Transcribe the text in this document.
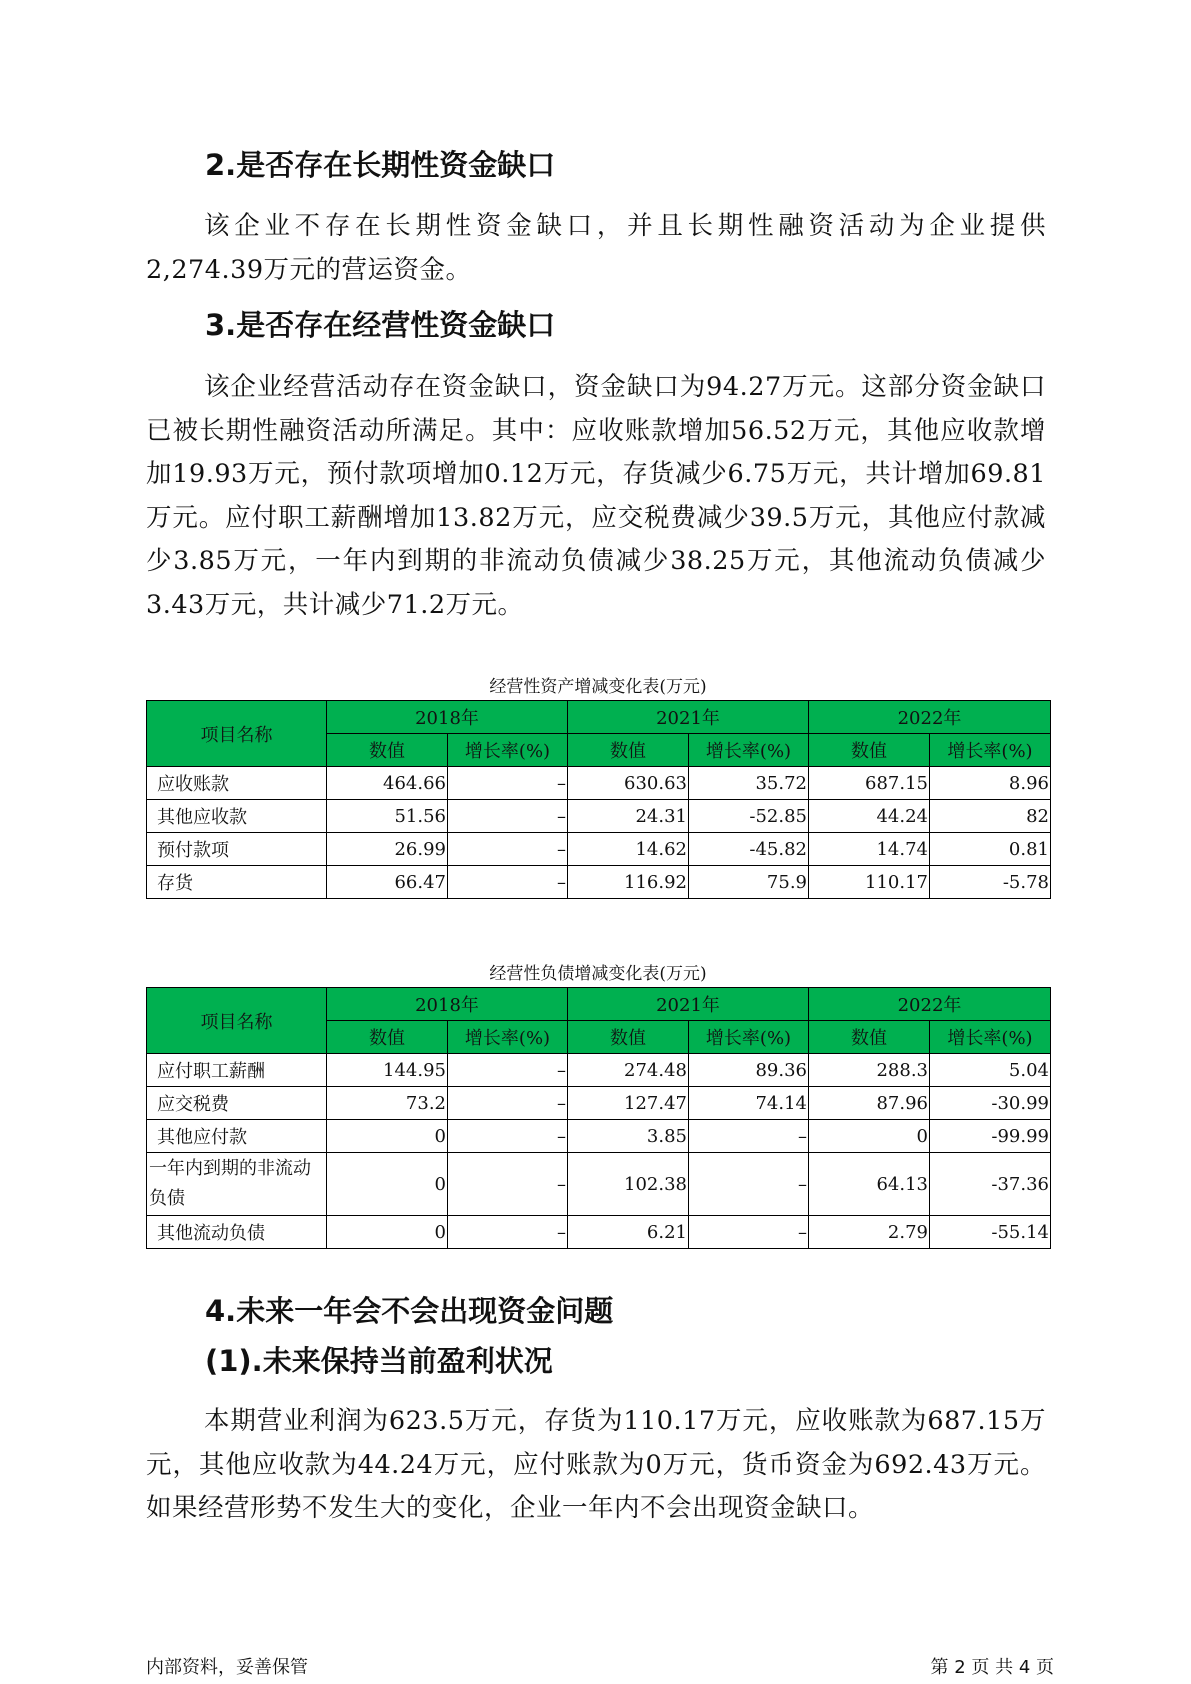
2.是否存在长期性资金缺口

该企业不存在长期性资金缺口，并且长期性融资活动为企业提供2,274.39万元的营运资金。

3.是否存在经营性资金缺口

该企业经营活动存在资金缺口，资金缺口为94.27万元。这部分资金缺口已被长期性融资活动所满足。其中：应收账款增加56.52万元，其他应收款增加19.93万元，预付款项增加0.12万元，存货减少6.75万元，共计增加69.81万元。应付职工薪酬增加13.82万元，应交税费减少39.5万元，其他应付款减少3.85万元，一年内到期的非流动负债减少38.25万元，其他流动负债减少3.43万元，共计减少71.2万元。

经营性资产增减变化表(万元)

项目名称	2018年		2021年		2022年	
	数值	增长率(%)	数值	增长率(%)	数值	增长率(%)
应收账款	464.66	–	630.63	35.72	687.15	8.96
其他应收款	51.56	–	24.31	-52.85	44.24	82
预付款项	26.99	–	14.62	-45.82	14.74	0.81
存货	66.47	–	116.92	75.9	110.17	-5.78

经营性负债增减变化表(万元)

项目名称	2018年		2021年		2022年	
	数值	增长率(%)	数值	增长率(%)	数值	增长率(%)
应付职工薪酬	144.95	–	274.48	89.36	288.3	5.04
应交税费	73.2	–	127.47	74.14	87.96	-30.99
其他应付款	0	–	3.85	–	0	-99.99
一年内到期的非流动负债	0	–	102.38	–	64.13	-37.36
其他流动负债	0	–	6.21	–	2.79	-55.14
4.未来一年会不会出现资金问题
(1).未来保持当前盈利状况

本期营业利润为623.5万元，存货为110.17万元，应收账款为687.15万元，其他应收款为44.24万元，应付账款为0万元，货币资金为692.43万元。如果经营形势不发生大的变化，企业一年内不会出现资金缺口。

内部资料，妥善保管	第 2 页 共 4 页
